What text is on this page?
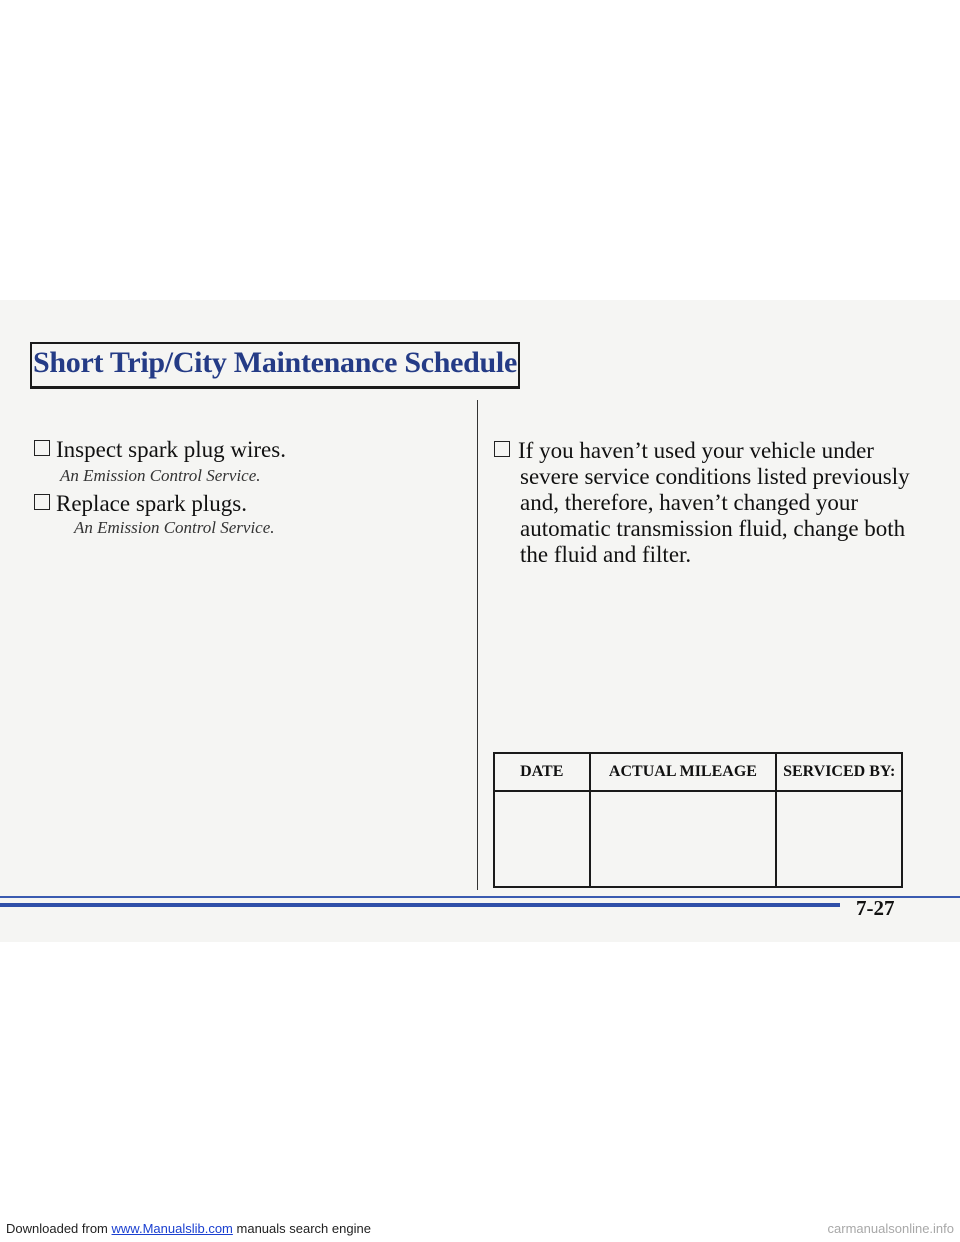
Short Trip/City Maintenance Schedule
Inspect spark plug wires.
An Emission Control Service.
Replace spark plugs.
An Emission Control Service.
If you haven’t used your vehicle under
severe service conditions listed previously
and, therefore, haven’t changed your
automatic transmission fluid, change both
the fluid and filter.
DATE	ACTUAL MILEAGE	SERVICED BY:

7-27
Downloaded from www.Manualslib.com manuals search engine	carmanualsonline.info
